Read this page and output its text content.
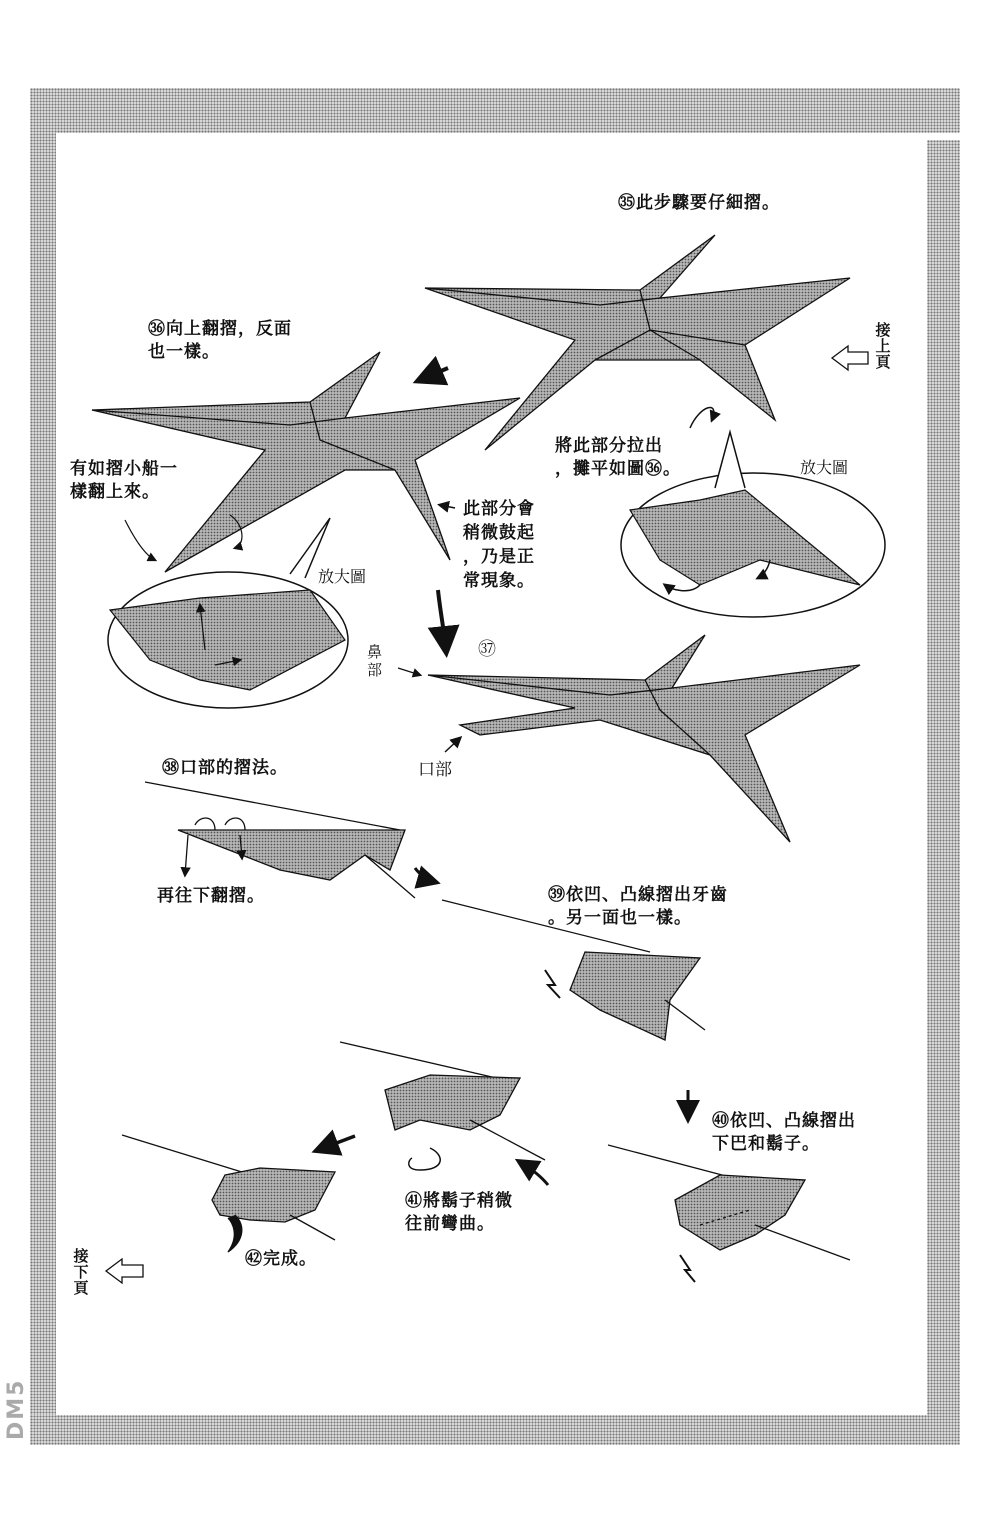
㉟此步驟要仔細摺。
㊱向上翻摺，反面
也一樣。
有如摺小船一
樣翻上來。
此部分會
稍微鼓起
，乃是正
常現象。
將此部分拉出
，攤平如圖㊱。	放大圖
放大圖
接
上
頁
㊲
鼻
部
口部
㊳口部的摺法。
再往下翻摺。	㊴依凹、凸線摺出牙齒
。另一面也一樣。
㊵依凹、凸線摺出
下巴和鬍子。
㊶將鬍子稍微
往前彎曲。
㊷完成。
接
下
頁
DM5
